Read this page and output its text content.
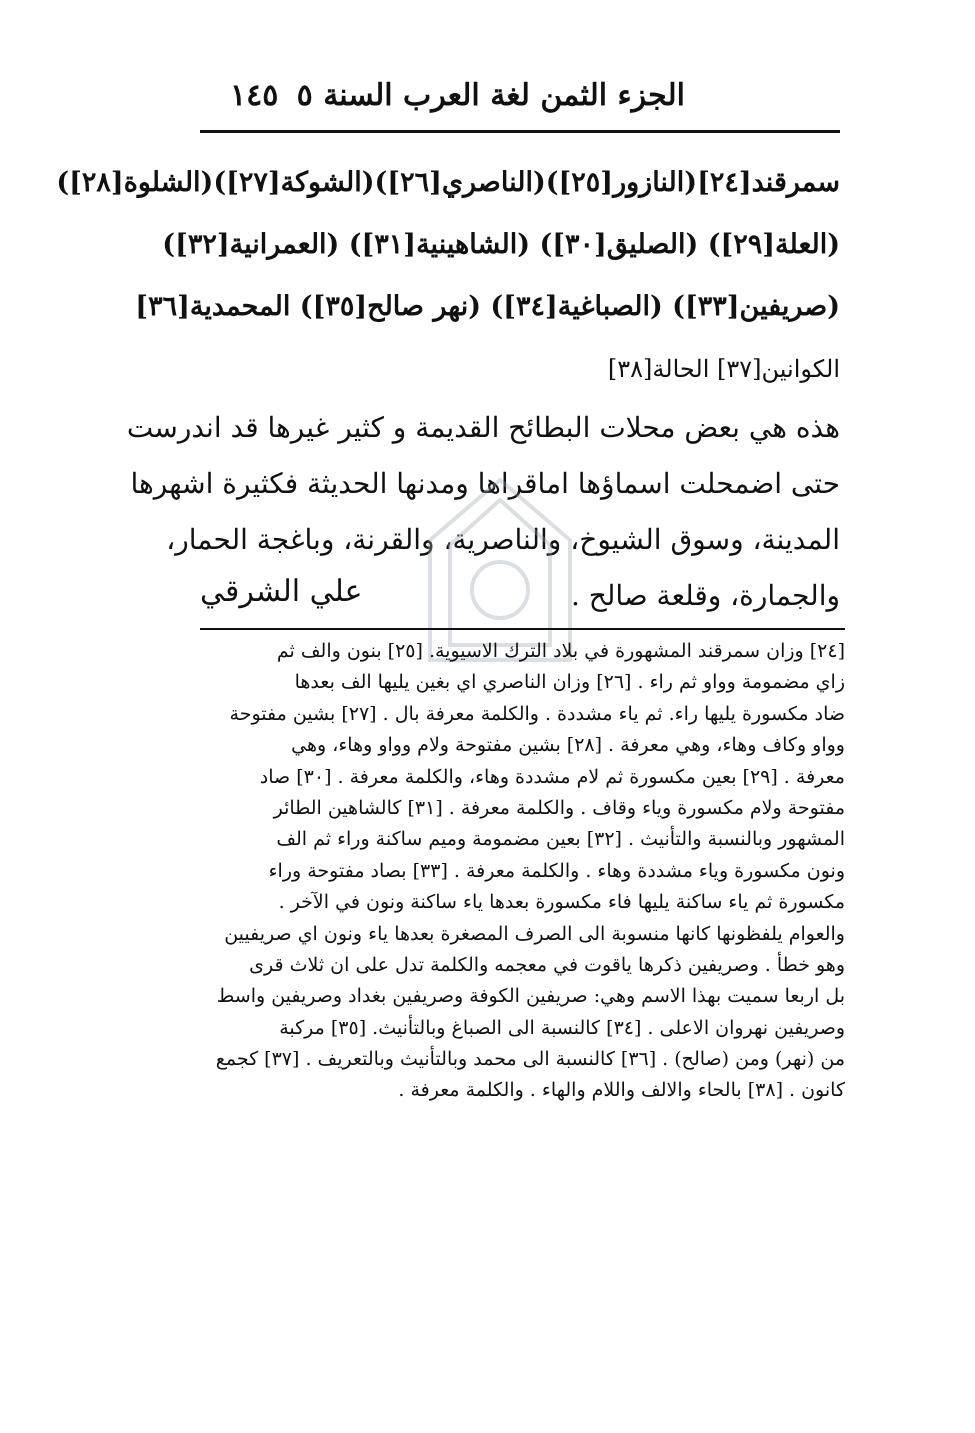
الجزء الثمن لغة العرب السنة ٥
١٤٥
سمرقند[٢٤](النازور[٢٥])(الناصري[٢٦])(الشوكة[٢٧])(الشلوة[٢٨])
(العلة[٢٩]) (الصليق[٣٠]) (الشاهينية[٣١]) (العمرانية[٣٢])
(صريفين[٣٣]) (الصباغية[٣٤]) (نهر صالح[٣٥]) المحمدية[٣٦]
الكوانين[٣٧] الحالة[٣٨]
هذه هي بعض محلات البطائح القديمة و كثير غيرها قد اندرست
حتى اضمحلت اسماؤها اماقراها ومدنها الحديثة فكثيرة اشهرها
المدينة، وسوق الشيوخ، والناصرية، والقرنة، وباغجة الحمار،
والجمارة، وقلعة صالح .
علي الشرقي
[٢٤] وزان سمرقند المشهورة في بلاد الترك الاسيوية. [٢٥] بنون والف ثم
زاي مضمومة وواو ثم راء . [٢٦] وزان الناصري اي بغين يليها الف بعدها
ضاد مكسورة يليها راء. ثم ياء مشددة . والكلمة معرفة بال . [٢٧] بشين مفتوحة
وواو وكاف وهاء، وهي معرفة . [٢٨] بشين مفتوحة ولام وواو وهاء، وهي
معرفة . [٢٩] بعين مكسورة ثم لام مشددة وهاء، والكلمة معرفة . [٣٠] صاد
مفتوحة ولام مكسورة وياء وقاف . والكلمة معرفة . [٣١] كالشاهين الطائر
المشهور وبالنسبة والتأنيث . [٣٢] بعين مضمومة وميم ساكنة وراء ثم الف
ونون مكسورة وياء مشددة وهاء . والكلمة معرفة . [٣٣] بصاد مفتوحة وراء
مكسورة ثم ياء ساكنة يليها فاء مكسورة بعدها ياء ساكنة ونون في الآخر .
والعوام يلفظونها كانها منسوبة الى الصرف المصغرة بعدها ياء ونون اي صريفيين
وهو خطأ . وصريفين ذكرها ياقوت في معجمه والكلمة تدل على ان ثلاث قرى
بل اربعا سميت بهذا الاسم وهي: صريفين الكوفة وصريفين بغداد وصريفين واسط
وصريفين نهروان الاعلى . [٣٤] كالنسبة الى الصباغ وبالتأنيث. [٣٥] مركبة
من (نهر) ومن (صالح) . [٣٦] كالنسبة الى محمد وبالتأنيث وبالتعريف . [٣٧] كجمع
كانون . [٣٨] بالحاء والالف واللام والهاء . والكلمة معرفة .
